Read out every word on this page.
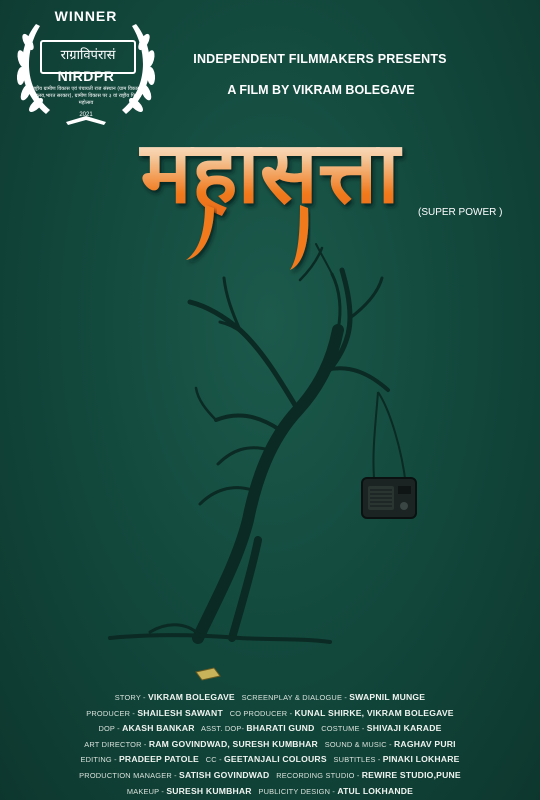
WINNER
राग्राविपंरासं
NIRDPR
राष्ट्रीय ग्रामीण विकास एवं पंचायती राज संस्थान (ग्राम विकास मंत्रालय,भारत सरकार), ग्रामीण विकास पर ३ वां राष्ट्रीय फिल्म महोत्सव
2021
INDEPENDENT FILMMAKERS PRESENTS
A FILM BY VIKRAM BOLEGAVE
महासत्ता (SUPER POWER )
STORY - VIKRAM BOLEGAVE SCREENPLAY & DIALOGUE - SWAPNIL MUNGE
PRODUCER - SHAILESH SAWANT CO PRODUCER - KUNAL SHIRKE, VIKRAM BOLEGAVE
DOP - AKASH BANKAR ASST. DOP- BHARATI GUND COSTUME - SHIVAJI KARADE
ART DIRECTOR - RAM GOVINDWAD, SURESH KUMBHAR SOUND & MUSIC - RAGHAV PURI
EDITING - PRADEEP PATOLE CC - GEETANJALI COLOURS SUBTITLES - PINAKI LOKHARE
PRODUCTION MANAGER - SATISH GOVINDWAD RECORDING STUDIO - REWIRE STUDIO,PUNE
MAKEUP - SURESH KUMBHAR PUBLICITY DESIGN - ATUL LOKHANDE
